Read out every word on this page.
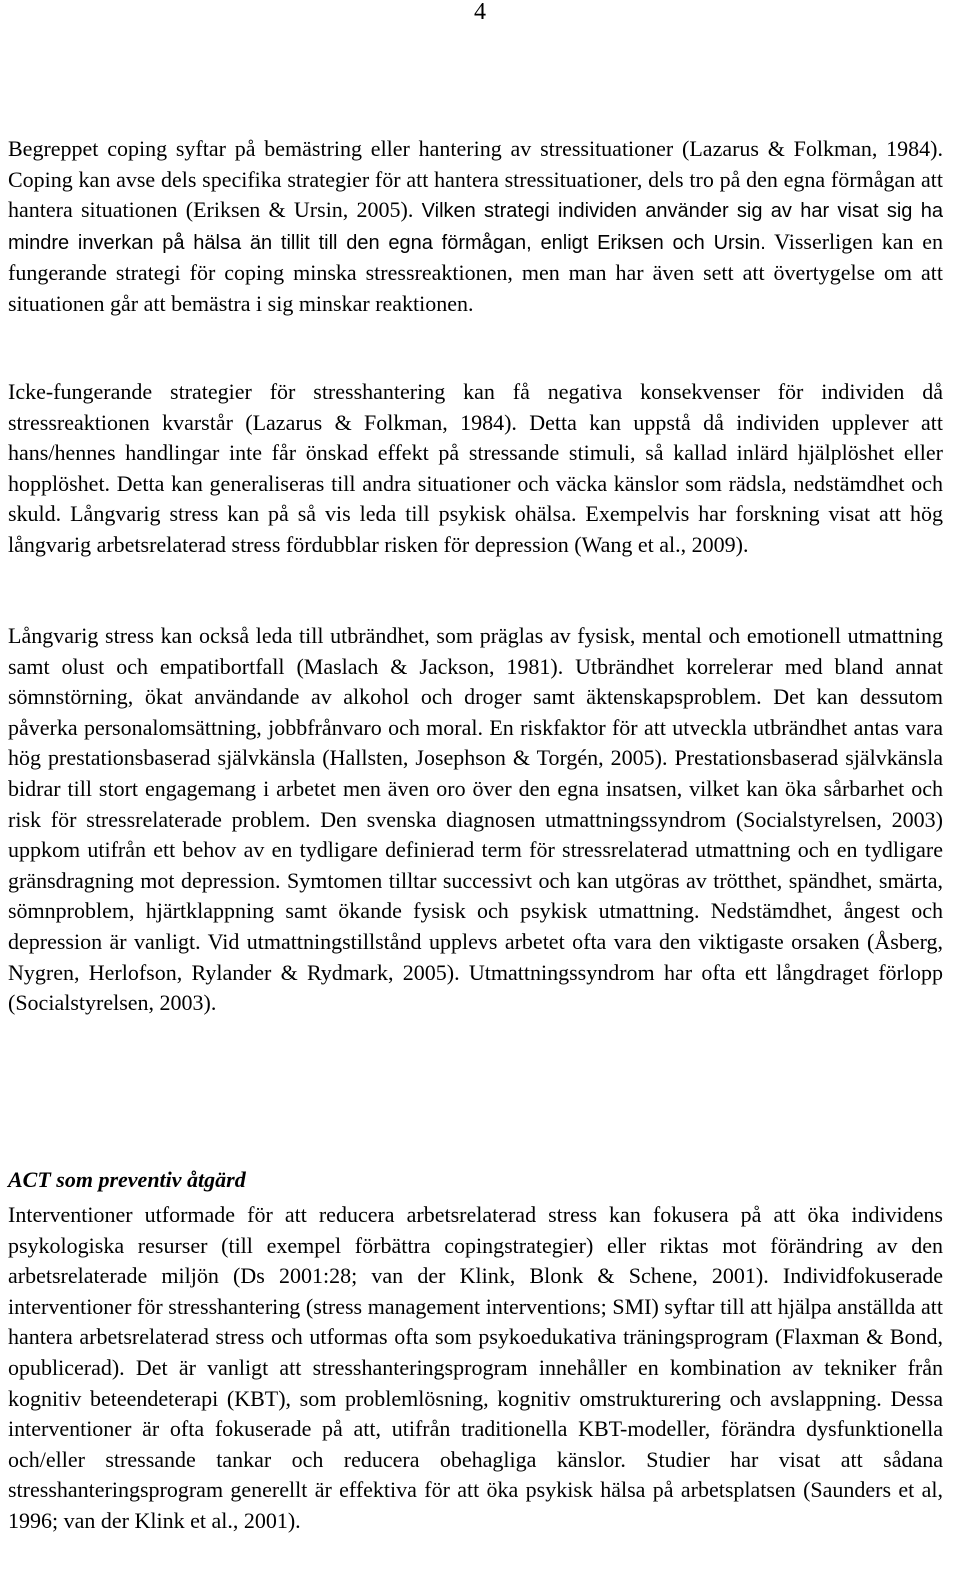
4

Begreppet coping syftar på bemästring eller hantering av stressituationer (Lazarus & Folkman, 1984). Coping kan avse dels specifika strategier för att hantera stressituationer, dels tro på den egna förmågan att hantera situationen (Eriksen & Ursin, 2005). Vilken strategi individen använder sig av har visat sig ha mindre inverkan på hälsa än tillit till den egna förmågan, enligt Eriksen och Ursin. Visserligen kan en fungerande strategi för coping minska stressreaktionen, men man har även sett att övertygelse om att situationen går att bemästra i sig minskar reaktionen.

Icke-fungerande strategier för stresshantering kan få negativa konsekvenser för individen då stressreaktionen kvarstår (Lazarus & Folkman, 1984). Detta kan uppstå då individen upplever att hans/hennes handlingar inte får önskad effekt på stressande stimuli, så kallad inlärd hjälplöshet eller hopplöshet. Detta kan generaliseras till andra situationer och väcka känslor som rädsla, nedstämdhet och skuld. Långvarig stress kan på så vis leda till psykisk ohälsa. Exempelvis har forskning visat att hög långvarig arbetsrelaterad stress fördubblar risken för depression (Wang et al., 2009).

Långvarig stress kan också leda till utbrändhet, som präglas av fysisk, mental och emotionell utmattning samt olust och empatibortfall (Maslach & Jackson, 1981). Utbrändhet korrelerar med bland annat sömnstörning, ökat användande av alkohol och droger samt äktenskapsproblem. Det kan dessutom påverka personalomsättning, jobbfrånvaro och moral. En riskfaktor för att utveckla utbrändhet antas vara hög prestationsbaserad självkänsla (Hallsten, Josephson & Torgén, 2005). Prestationsbaserad självkänsla bidrar till stort engagemang i arbetet men även oro över den egna insatsen, vilket kan öka sårbarhet och risk för stressrelaterade problem. Den svenska diagnosen utmattningssyndrom (Socialstyrelsen, 2003) uppkom utifrån ett behov av en tydligare definierad term för stressrelaterad utmattning och en tydligare gränsdragning mot depression. Symtomen tilltar successivt och kan utgöras av trötthet, spändhet, smärta, sömnproblem, hjärtklappning samt ökande fysisk och psykisk utmattning. Nedstämdhet, ångest och depression är vanligt. Vid utmattningstillstånd upplevs arbetet ofta vara den viktigaste orsaken (Åsberg, Nygren, Herlofson, Rylander & Rydmark, 2005). Utmattningssyndrom har ofta ett långdraget förlopp (Socialstyrelsen, 2003).

ACT som preventiv åtgärd

Interventioner utformade för att reducera arbetsrelaterad stress kan fokusera på att öka individens psykologiska resurser (till exempel förbättra copingstrategier) eller riktas mot förändring av den arbetsrelaterade miljön (Ds 2001:28; van der Klink, Blonk & Schene, 2001). Individfokuserade interventioner för stresshantering (stress management interventions; SMI) syftar till att hjälpa anställda att hantera arbetsrelaterad stress och utformas ofta som psykoedukativa träningsprogram (Flaxman & Bond, opublicerad). Det är vanligt att stresshanteringsprogram innehåller en kombination av tekniker från kognitiv beteendeterapi (KBT), som problemlösning, kognitiv omstrukturering och avslappning. Dessa interventioner är ofta fokuserade på att, utifrån traditionella KBT-modeller, förändra dysfunktionella och/eller stressande tankar och reducera obehagliga känslor. Studier har visat att sådana stresshanteringsprogram generellt är effektiva för att öka psykisk hälsa på arbetsplatsen (Saunders et al, 1996; van der Klink et al., 2001).
